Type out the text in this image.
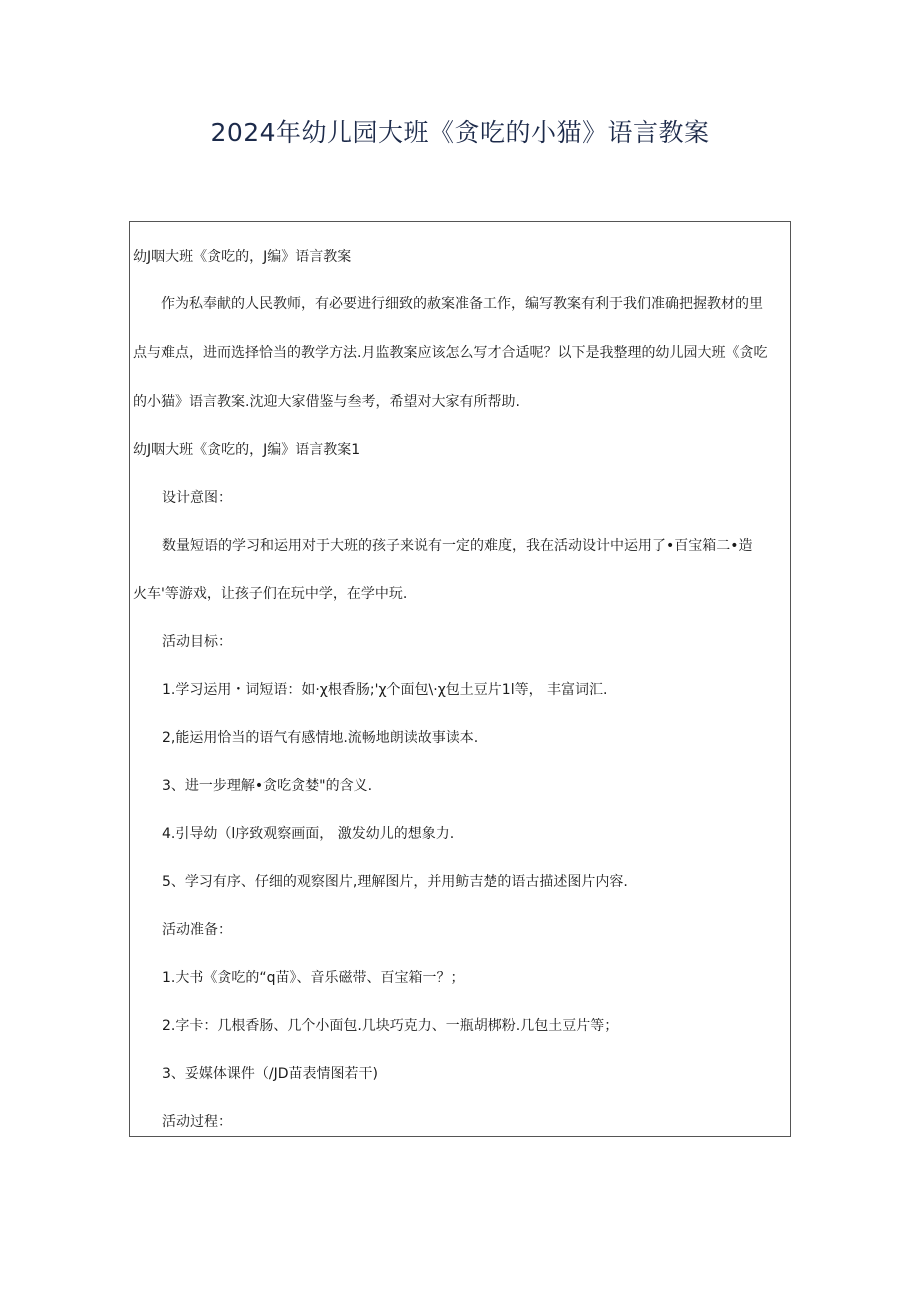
2024年幼儿园大班《贪吃的小猫》语言教案
幼J咽大班《贪吃的，J编》语言教案
作为私奉献的人民教师，有必要进行细致的赦案准备工作，编写教案有利于我们准确把握教材的里
点与难点，进而选择恰当的教学方法.月监教案应该怎么写才合适呢？以下是我整理的幼儿园大班《贪吃
的小猫》语言教案.沈迎大家借鉴与叁考，希望对大家有所帮助.
幼J咽大班《贪吃的，J编》语言教案1
设计意图：
数量短语的学习和运用对于大班的孩子来说有一定的难度，我在活动设计中运用了•百宝箱二•造
火车'等游戏，让孩子们在玩中学，在学中玩.
活动目标：
1.学习运用・词短语：如·χ根香肠;'χ个面包\·χ包土豆片1l等， 丰富词汇.
2,能运用恰当的语气有感情地.流畅地朗读故事读本.
3、进一步理解•贪吃贪婪"的含义.
4.引导幼（l序致观察画面， 激发幼儿的想象力.
5、学习有序、仔细的观察图片,理解图片，并用鲂吉楚的语古描述图片内容.
活动准备：
1.大书《贪吃的“q苗》、音乐磁带、百宝箱一？；
2.字卡：几根香肠、几个小面包.几块巧克力、一瓶胡梆粉.几包土豆片等；
3、妥媒体课件（/JD苗表情图若干)
活动过程：
